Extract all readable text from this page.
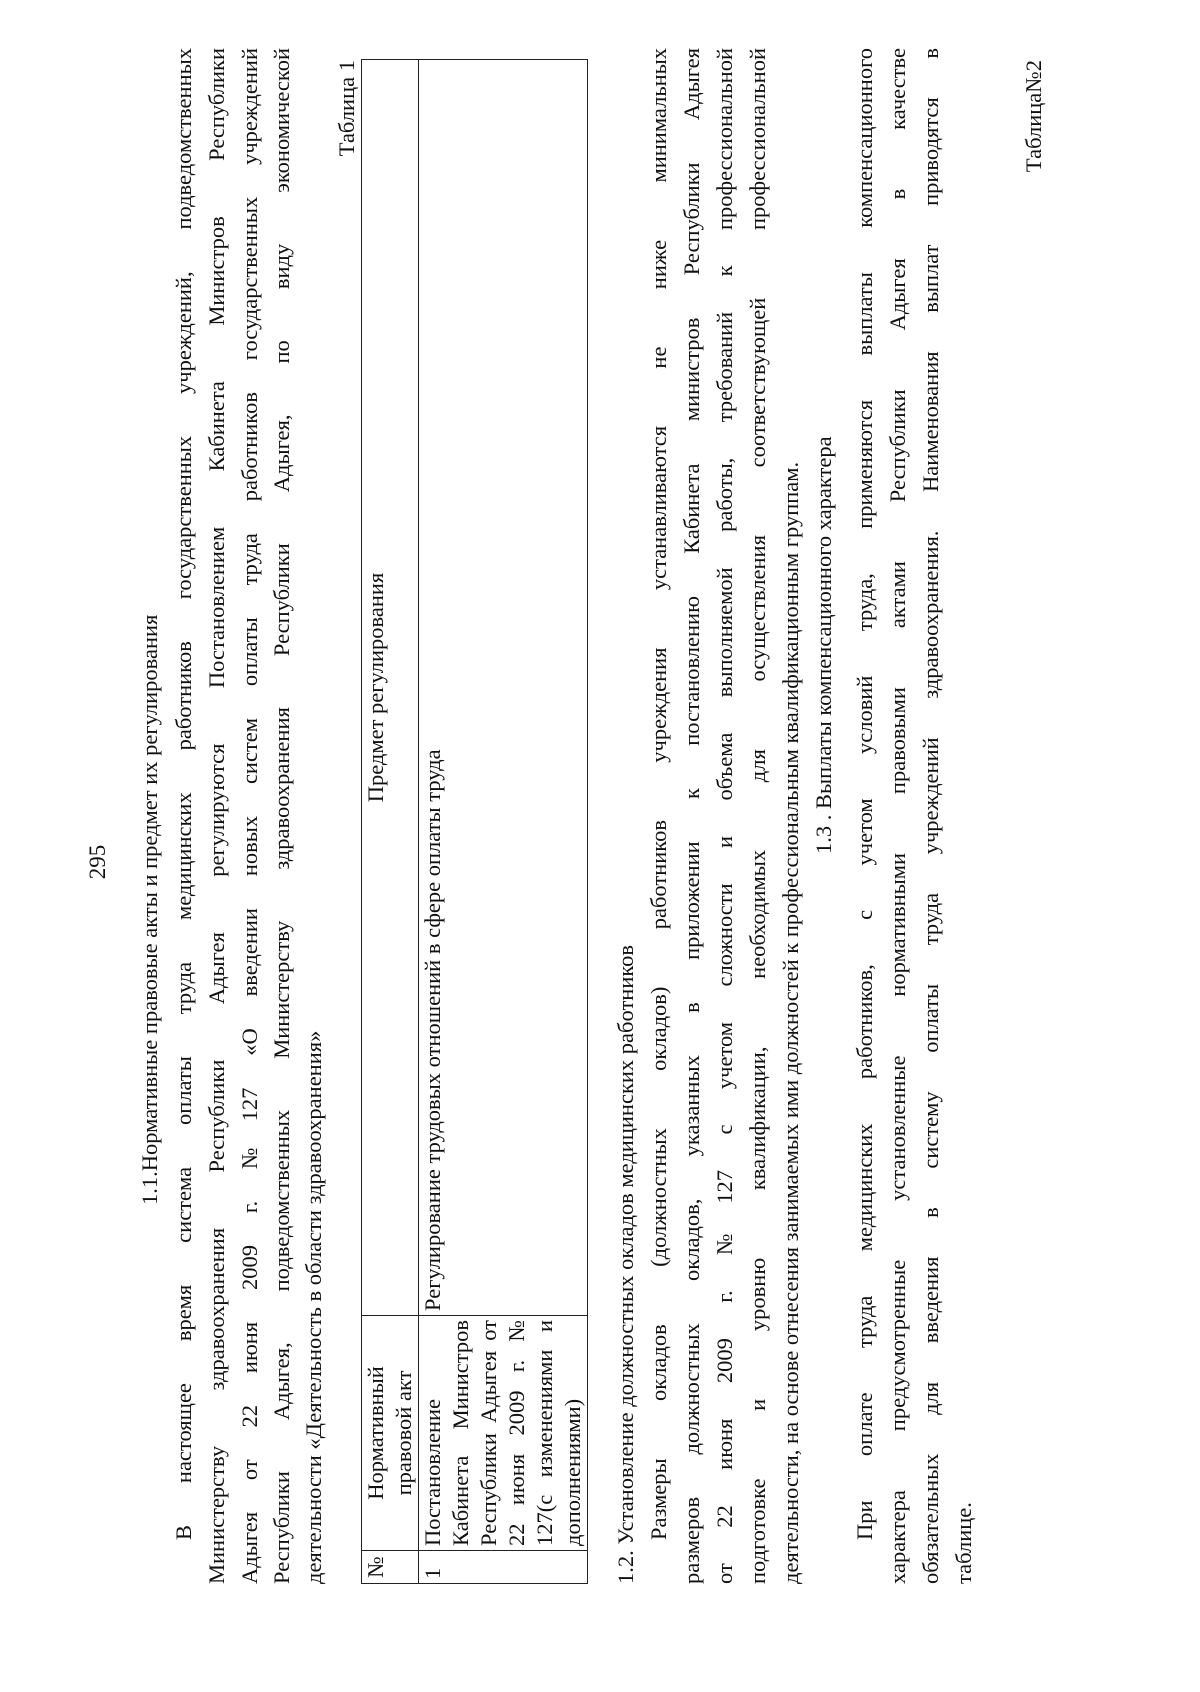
295 1.1.Нормативные правовые акты и предмет их регулирования В настоящее время система оплаты труда медицинских работников государственных учреждений, подведомственных Министерству здравоохранения Республики Адыгея регулируются Постановлением Кабинета Министров Республики Адыгея от 22 июня 2009 г. №127 «О введении новых систем оплаты труда работников государственных учреждений Республики Адыгея, подведомственных Министерству здравоохранения Республики Адыгея, по виду экономической деятельности «Деятельность в области здравоохранения»
Таблица 1
№	Нормативный правовой акт	Предмет регулирования
1	Постановление Кабинета Министров Республики Адыгея от 22 июня 2009 г. № 127(с изменениями и дополнениями)	Регулирование трудовых отношений в сфере оплаты труда	1.2. Установление должностных окладов медицинских работников Размеры окладов (должностных окладов) работников учреждения устанавливаются не ниже минимальных размеров должностных окладов, указанных в приложении к постановлению Кабинета министров Республики Адыгея от 22 июня 2009 г. №127 с учетом сложности и объема выполняемой работы, требований к профессиональной подготовке и уровню квалификации, необходимых для осуществления соответствующей профессиональной деятельности, на основе отнесения занимаемых ими должностей к профессиональным квалификационным группам. 1.3 . Выплаты компенсационного характера При оплате труда медицинских работников, с учетом условий труда, применяются выплаты компенсационного характера предусмотренные установленные нормативными правовыми актами Республики Адыгея в качестве обязательных для введения в систему оплаты труда учреждений здравоохранения. Наименования выплат приводятся в таблице.
Таблица№2
